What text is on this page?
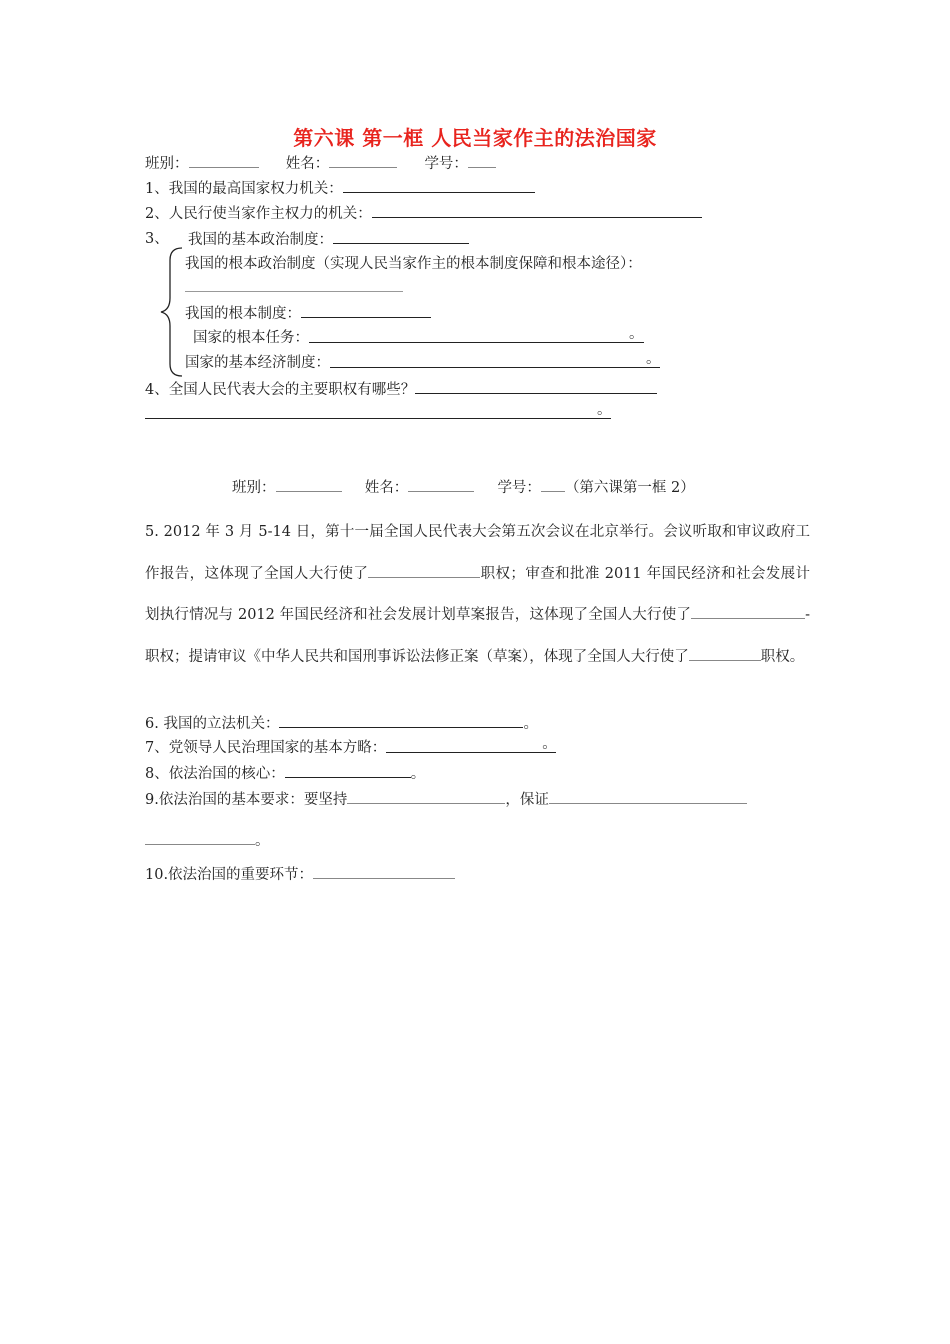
第六课 第一框 人民当家作主的法治国家
班别：	姓名：	学号：
1、我国的最高国家权力机关：
2、人民行使当家作主权力的机关：
3、 我国的基本政治制度：
我国的根本政治制度（实现人民当家作主的根本制度保障和根本途径）：
我国的根本制度：
国家的根本任务：	。
国家的基本经济制度：	。
4、全国人民代表大会的主要职权有哪些？
。
班别：	姓名：	学号： （第六课第一框 2）
5. 2012 年 3 月 5-14 日，第十一届全国人民代表大会第五次会议在北京举行。会议听取和审议政府工作报告，这体现了全国人大行使了	职权；审查和批准 2011 年国民经济和社会发展计划执行情况与 2012 年国民经济和社会发展计划草案报告，这体现了全国人大行使了	-职权；提请审议《中华人民共和国刑事诉讼法修正案（草案），体现了全国人大行使了	职权。
6. 我国的立法机关：	。
7、党领导人民治理国家的基本方略：	。
8、依法治国的核心：	。
9.依法治国的基本要求：要坚持	，保证
。
10.依法治国的重要环节：
